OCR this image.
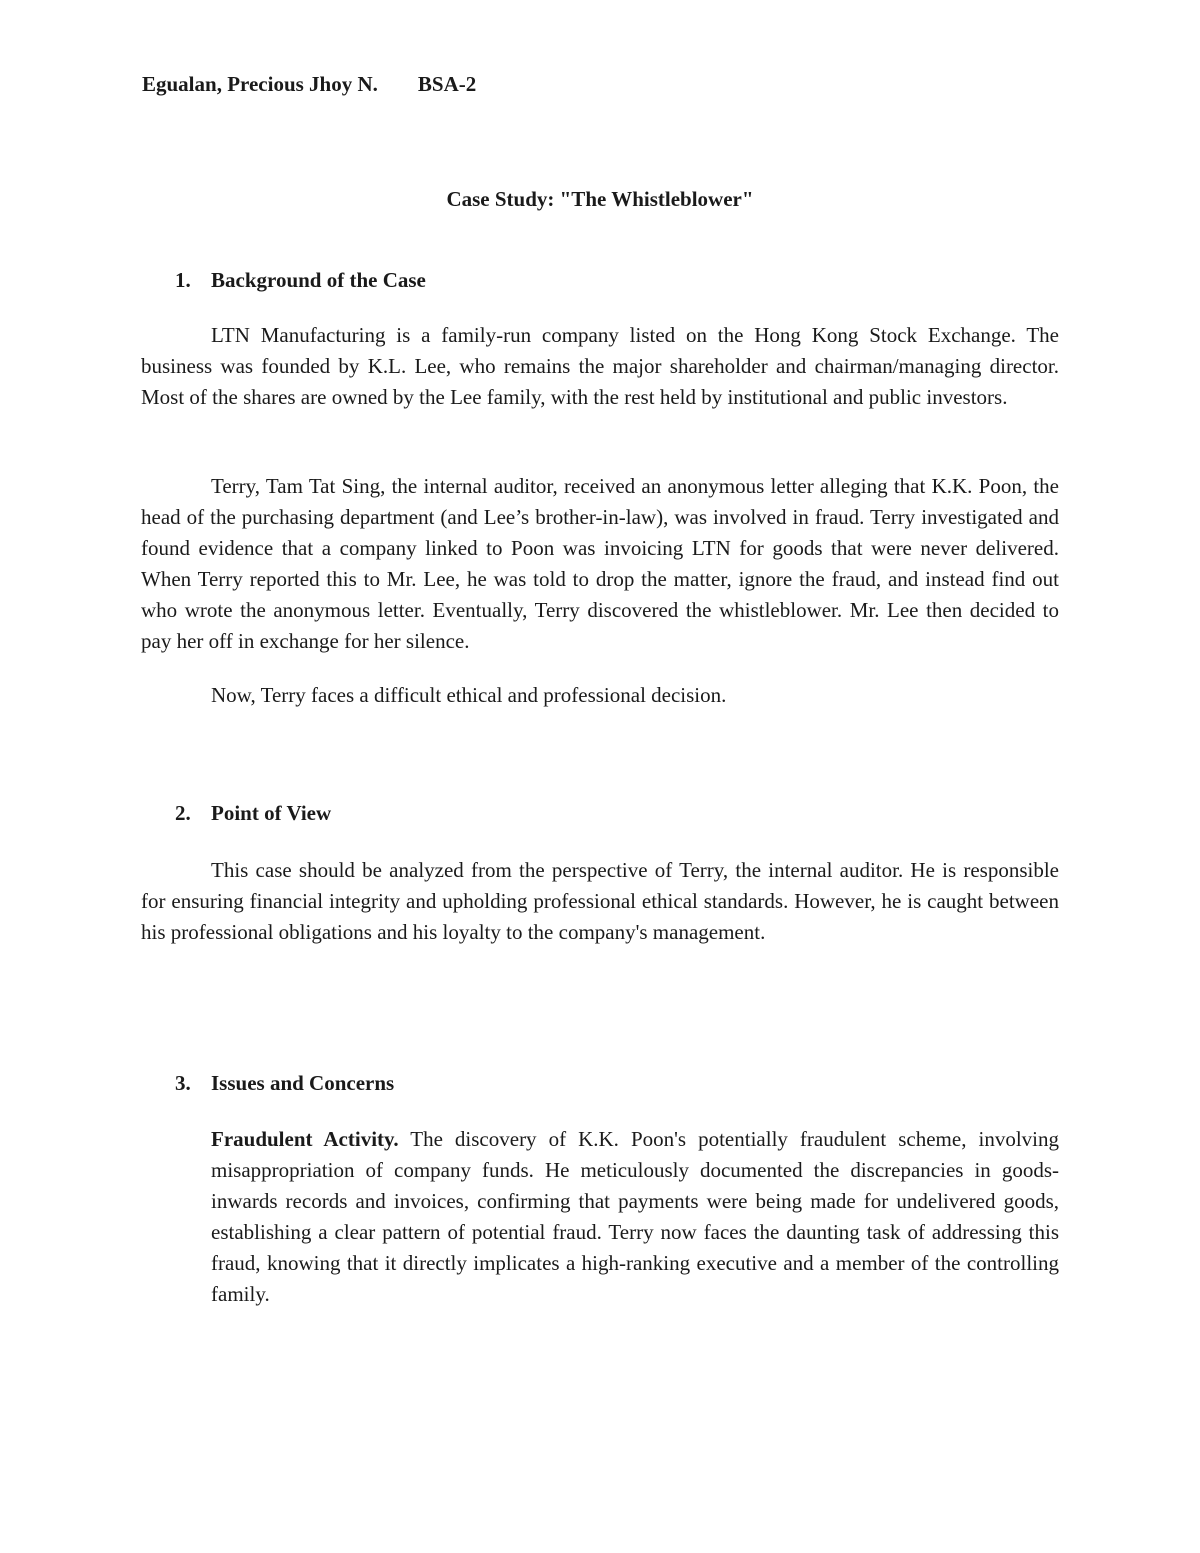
Egualan, Precious Jhoy N. BSA-2
Case Study: "The Whistleblower"
1. Background of the Case

LTN Manufacturing is a family-run company listed on the Hong Kong Stock Exchange. The business was founded by K.L. Lee, who remains the major shareholder and chairman/managing director. Most of the shares are owned by the Lee family, with the rest held by institutional and public investors.

Terry, Tam Tat Sing, the internal auditor, received an anonymous letter alleging that K.K. Poon, the head of the purchasing department (and Lee’s brother-in-law), was involved in fraud. Terry investigated and found evidence that a company linked to Poon was invoicing LTN for goods that were never delivered. When Terry reported this to Mr. Lee, he was told to drop the matter, ignore the fraud, and instead find out who wrote the anonymous letter. Eventually, Terry discovered the whistleblower. Mr. Lee then decided to pay her off in exchange for her silence.

Now, Terry faces a difficult ethical and professional decision.

2. Point of View

This case should be analyzed from the perspective of Terry, the internal auditor. He is responsible for ensuring financial integrity and upholding professional ethical standards. However, he is caught between his professional obligations and his loyalty to the company's management.

3. Issues and Concerns

Fraudulent Activity. The discovery of K.K. Poon's potentially fraudulent scheme, involving misappropriation of company funds. He meticulously documented the discrepancies in goods-inwards records and invoices, confirming that payments were being made for undelivered goods, establishing a clear pattern of potential fraud. Terry now faces the daunting task of addressing this fraud, knowing that it directly implicates a high-ranking executive and a member of the controlling family.
